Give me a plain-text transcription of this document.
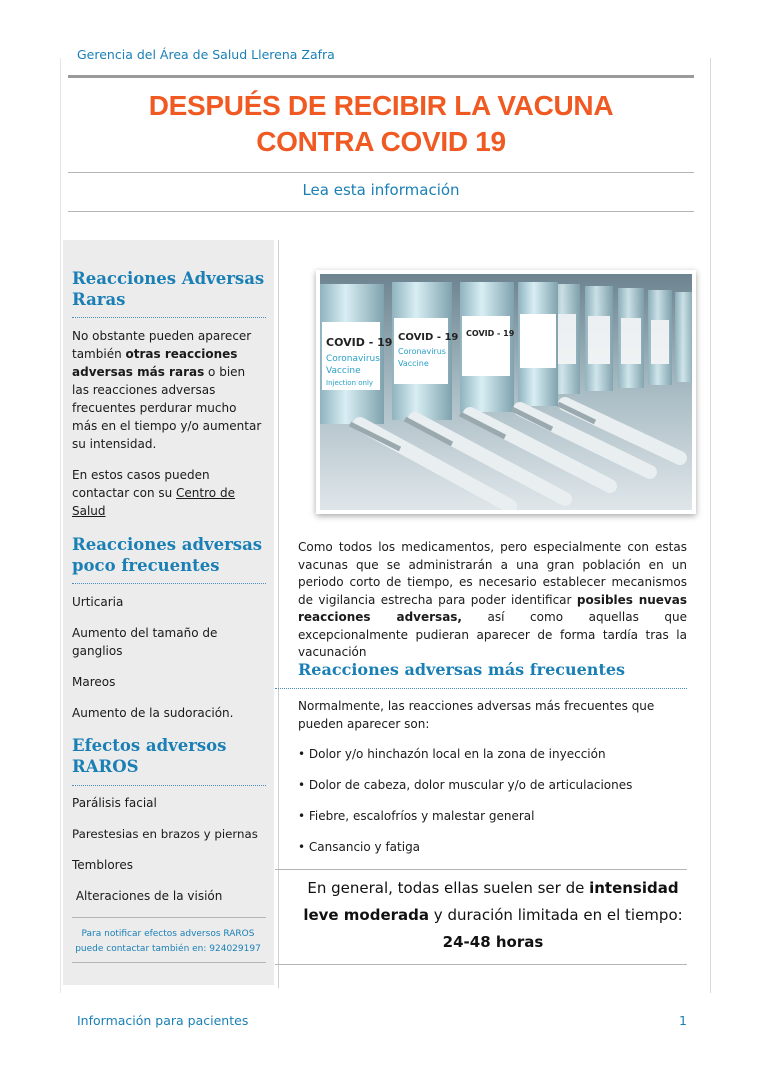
Gerencia del Área de Salud Llerena Zafra
DESPUÉS DE RECIBIR LA VACUNA
CONTRA COVID 19
Lea esta información
Reacciones Adversas
Raras
No obstante pueden aparecer también otras reacciones adversas más raras o bien las reacciones adversas frecuentes perdurar mucho más en el tiempo y/o aumentar su intensidad.
En estos casos pueden contactar con su Centro de Salud
Reacciones adversas
poco frecuentes
Urticaria
Aumento del tamaño de ganglios
Mareos
Aumento de la sudoración.
Efectos adversos
RAROS
Parálisis facial
Parestesias en brazos y piernas
Temblores
Alteraciones de la visión
Para notificar efectos adversos RAROS
puede contactar también en: 924029197
COVID - 19
Coronavirus
Vaccine
Injection only
COVID - 19
Coronavirus
Vaccine
COVID - 19
Como todos los medicamentos, pero especialmente con estas vacunas que se administrarán a una gran población en un periodo corto de tiempo, es necesario establecer mecanismos de vigilancia estrecha para poder identificar posibles nuevas reacciones adversas, así como aquellas que excepcionalmente pudieran aparecer de forma tardía tras la vacunación
Reacciones adversas más frecuentes
Normalmente, las reacciones adversas más frecuentes que pueden aparecer son:
• Dolor y/o hinchazón local en la zona de inyección
• Dolor de cabeza, dolor muscular y/o de articulaciones
• Fiebre, escalofríos y malestar general
• Cansancio y fatiga
En general, todas ellas suelen ser de intensidad leve moderada y duración limitada en el tiempo:
24-48 horas
Información para pacientes	1
